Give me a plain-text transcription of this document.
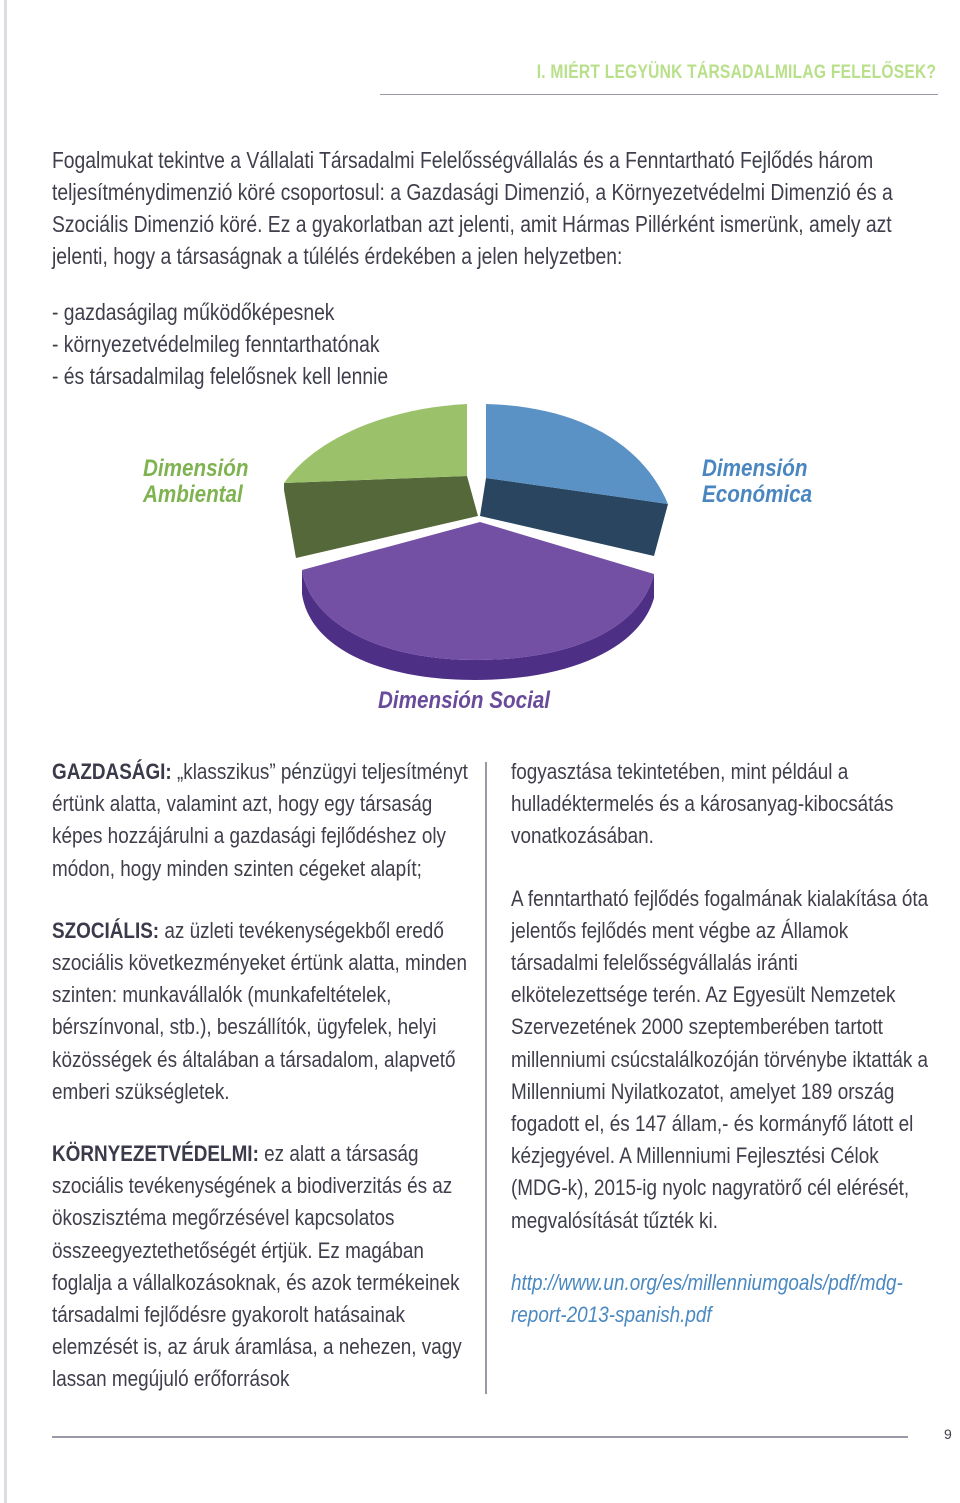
I. MIÉRT LEGYÜNK TÁRSADALMILAG FELELŐSEK?

Fogalmukat tekintve a Vállalati Társadalmi Felelősségvállalás és a Fenntartható Fejlődés három teljesítménydimenzió köré csoportosul: a Gazdasági Dimenzió, a Környezetvédelmi Dimenzió és a Szociális Dimenzió köré. Ez a gyakorlatban azt jelenti, amit Hármas Pillérként ismerünk, amely azt jelenti, hogy a társaságnak a túlélés érdekében a jelen helyzetben:

- gazdaságilag működőképesnek
- környezetvédelmileg fenntarthatónak
- és társadalmilag felelősnek kell lennie
Dimensión Ambiental
Dimensión Económica
Dimensión Social

GAZDASÁGI: „klasszikus” pénzügyi teljesítményt értünk alatta, valamint azt, hogy egy társaság képes hozzájárulni a gazdasági fejlődéshez oly módon, hogy minden szinten cégeket alapít;

SZOCIÁLIS: az üzleti tevékenységekből eredő szociális következményeket értünk alatta, minden szinten: munkavállalók (munkafeltételek, bérszínvonal, stb.), beszállítók, ügyfelek, helyi közösségek és általában a társadalom, alapvető emberi szükségletek.

KÖRNYEZETVÉDELMI: ez alatt a társaság szociális tevékenységének a biodiverzitás és az ökoszisztéma megőrzésével kapcsolatos összeegyeztethetőségét értjük. Ez magában foglalja a vállalkozásoknak, és azok termékeinek társadalmi fejlődésre gyakorolt hatásainak elemzését is, az áruk áramlása, a nehezen, vagy lassan megújuló erőforrások

fogyasztása tekintetében, mint például a hulladéktermelés és a károsanyag-kibocsátás vonatkozásában.

A fenntartható fejlődés fogalmának kialakítása óta jelentős fejlődés ment végbe az Államok társadalmi felelősségvállalás iránti elkötelezettsége terén. Az Egyesült Nemzetek Szervezetének 2000 szeptemberében tartott millenniumi csúcstalálkozóján törvénybe iktatták a Millenniumi Nyilatkozatot, amelyet 189 ország fogadott el, és 147 állam,- és kormányfő látott el kézjegyével. A Millenniumi Fejlesztési Célok (MDG-k), 2015-ig nyolc nagyratörő cél elérését, megvalósítását tűzték ki.

http://www.un.org/es/millenniumgoals/pdf/mdg-report-2013-spanish.pdf

9
